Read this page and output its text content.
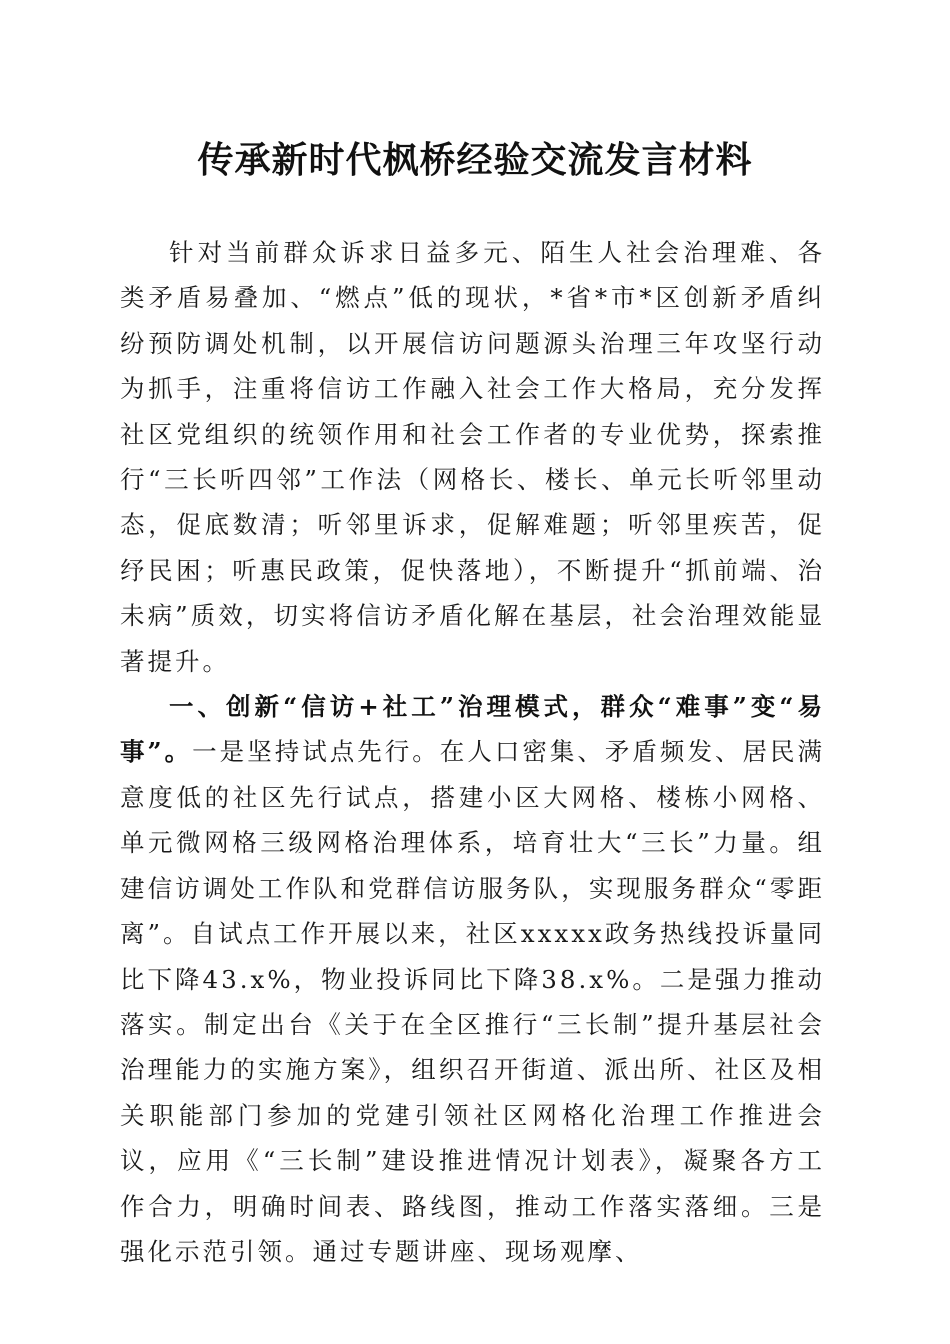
传承新时代枫桥经验交流发言材料

针对当前群众诉求日益多元、陌生人社会治理难、各类矛盾易叠加、“燃点”低的现状，*省*市*区创新矛盾纠纷预防调处机制，以开展信访问题源头治理三年攻坚行动为抓手，注重将信访工作融入社会工作大格局，充分发挥社区党组织的统领作用和社会工作者的专业优势，探索推行“三长听四邻”工作法（网格长、楼长、单元长听邻里动态，促底数清；听邻里诉求，促解难题；听邻里疾苦，促纾民困；听惠民政策，促快落地），不断提升“抓前端、治未病”质效，切实将信访矛盾化解在基层，社会治理效能显著提升。

一、创新“信访+社工”治理模式，群众“难事”变“易事”。一是坚持试点先行。在人口密集、矛盾频发、居民满意度低的社区先行试点，搭建小区大网格、楼栋小网格、单元微网格三级网格治理体系，培育壮大“三长”力量。组建信访调处工作队和党群信访服务队，实现服务群众“零距离”。自试点工作开展以来，社区xxxxx政务热线投诉量同比下降43.x%，物业投诉同比下降38.x%。二是强力推动落实。制定出台《关于在全区推行“三长制”提升基层社会治理能力的实施方案》，组织召开街道、派出所、社区及相关职能部门参加的党建引领社区网格化治理工作推进会议，应用《“三长制”建设推进情况计划表》，凝聚各方工作合力，明确时间表、路线图，推动工作落实落细。三是强化示范引领。通过专题讲座、现场观摩、
